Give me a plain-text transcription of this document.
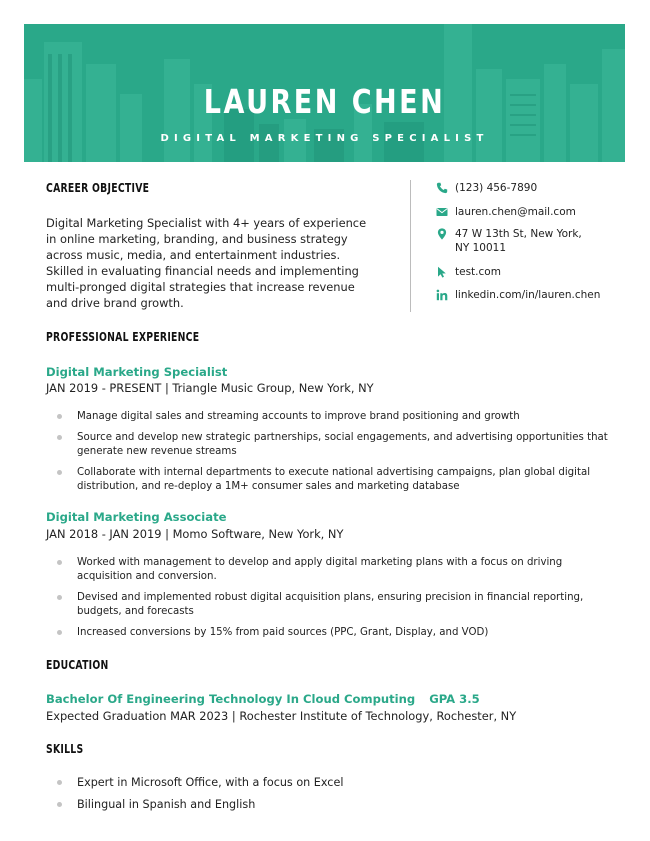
LAUREN CHEN
DIGITAL MARKETING SPECIALIST
CAREER OBJECTIVE
Digital Marketing Specialist with 4+ years of experience in online marketing, branding, and business strategy across music, media, and entertainment industries. Skilled in evaluating financial needs and implementing multi-pronged digital strategies that increase revenue and drive brand growth.
(123) 456-7890
lauren.chen@mail.com
47 W 13th St, New York, NY 10011
test.com
linkedin.com/in/lauren.chen
PROFESSIONAL EXPERIENCE
Digital Marketing Specialist
JAN 2019 - PRESENT | Triangle Music Group, New York, NY
Manage digital sales and streaming accounts to improve brand positioning and growth
Source and develop new strategic partnerships, social engagements, and advertising opportunities that generate new revenue streams
Collaborate with internal departments to execute national advertising campaigns, plan global digital distribution, and re-deploy a 1M+ consumer sales and marketing database
Digital Marketing Associate
JAN 2018 - JAN 2019 | Momo Software, New York, NY
Worked with management to develop and apply digital marketing plans with a focus on driving acquisition and conversion.
Devised and implemented robust digital acquisition plans, ensuring precision in financial reporting, budgets, and forecasts
Increased conversions by 15% from paid sources (PPC, Grant, Display, and VOD)
EDUCATION
Bachelor Of Engineering Technology In Cloud Computing GPA 3.5
Expected Graduation MAR 2023 | Rochester Institute of Technology, Rochester, NY
SKILLS
Expert in Microsoft Office, with a focus on Excel
Bilingual in Spanish and English
